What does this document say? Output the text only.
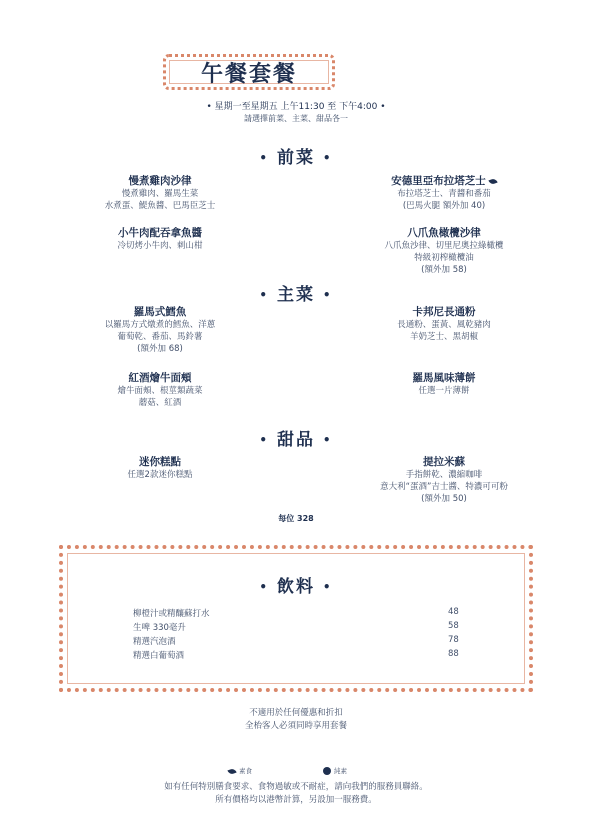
午餐套餐
• 星期一至星期五 上午11:30 至 下午4:00 •
請選擇前菜、主菜、甜品各一
• 前菜 •
慢煮雞肉沙律
慢煮雞肉、羅馬生菜
水煮蛋、鯷魚醬、巴馬臣芝士
安德里亞布拉塔芝士
布拉塔芝士、青醬和番茄
(巴馬火腿 額外加 40)
小牛肉配吞拿魚醬
冷切烤小牛肉、刺山柑
八爪魚橄欖沙律
八爪魚沙律、切里尼奧拉綠橄欖
特級初榨橄欖油
(額外加 58)
• 主菜 •
羅馬式鱈魚
以羅馬方式燉煮的鱈魚、洋蔥
葡萄乾、番茄、馬鈴薯
(額外加 68)
卡邦尼長通粉
長通粉、蛋黃、風乾豬肉
羊奶芝士、黑胡椒
紅酒燴牛面頰
燴牛面頰、根莖類蔬菜
蘑菇、紅酒
羅馬風味薄餅
任選一片薄餅
• 甜品 •
迷你糕點
任選2款迷你糕點
提拉米蘇
手指餅乾、濃縮咖啡
意大利“蛋酒”吉士醬、特濃可可粉
(額外加 50)
每位 328
• 飲料 •
柳橙汁或精釀蘇打水	48
生啤 330毫升	58
精選汽泡酒	78
精選白葡萄酒	88
不適用於任何優惠和折扣
全枱客人必須同時享用套餐
素食	純素
如有任何特別膳食要求、食物過敏或不耐症，請向我們的服務員聯絡。
所有價格均以港幣計算，另設加一服務費。
